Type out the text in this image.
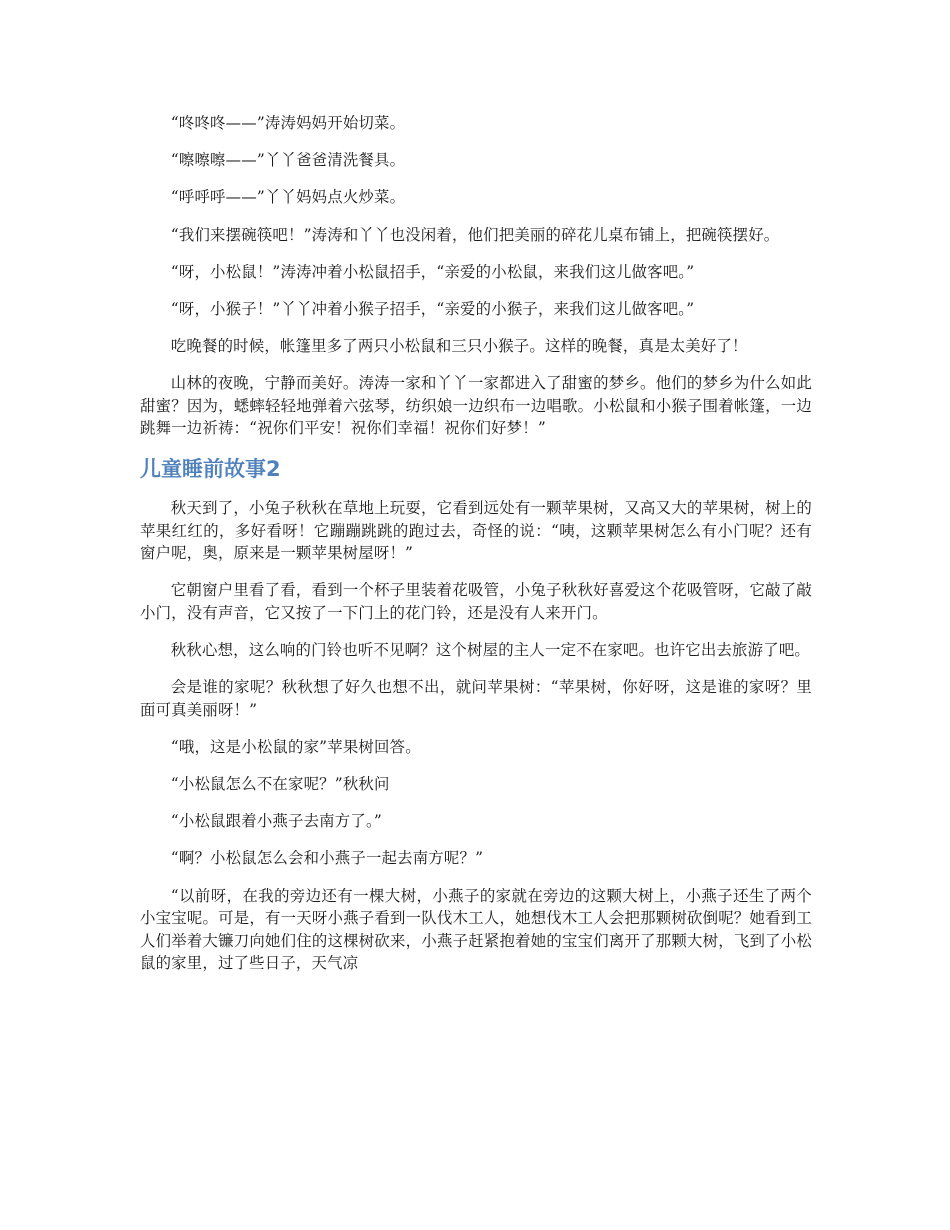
“咚咚咚——”涛涛妈妈开始切菜。

“嚓嚓嚓——”丫丫爸爸清洗餐具。

“呼呼呼——”丫丫妈妈点火炒菜。

“我们来摆碗筷吧！”涛涛和丫丫也没闲着，他们把美丽的碎花儿桌布铺上，把碗筷摆好。

“呀，小松鼠！”涛涛冲着小松鼠招手，“亲爱的小松鼠，来我们这儿做客吧。”

“呀，小猴子！”丫丫冲着小猴子招手，“亲爱的小猴子，来我们这儿做客吧。”

吃晚餐的时候，帐篷里多了两只小松鼠和三只小猴子。这样的晚餐，真是太美好了！

山林的夜晚，宁静而美好。涛涛一家和丫丫一家都进入了甜蜜的梦乡。他们的梦乡为什么如此甜蜜？因为，蟋蟀轻轻地弹着六弦琴，纺织娘一边织布一边唱歌。小松鼠和小猴子围着帐篷，一边跳舞一边祈祷：“祝你们平安！祝你们幸福！祝你们好梦！”

儿童睡前故事2

秋天到了，小兔子秋秋在草地上玩耍，它看到远处有一颗苹果树，又高又大的苹果树，树上的苹果红红的，多好看呀！它蹦蹦跳跳的跑过去，奇怪的说：“咦，这颗苹果树怎么有小门呢？还有窗户呢，奥，原来是一颗苹果树屋呀！”

它朝窗户里看了看，看到一个杯子里装着花吸管，小兔子秋秋好喜爱这个花吸管呀，它敲了敲小门，没有声音，它又按了一下门上的花门铃，还是没有人来开门。

秋秋心想，这么响的门铃也听不见啊？这个树屋的主人一定不在家吧。也许它出去旅游了吧。

会是谁的家呢？秋秋想了好久也想不出，就问苹果树：“苹果树，你好呀，这是谁的家呀？里面可真美丽呀！”

“哦，这是小松鼠的家”苹果树回答。

“小松鼠怎么不在家呢？”秋秋问

“小松鼠跟着小燕子去南方了。”

“啊？小松鼠怎么会和小燕子一起去南方呢？”

“以前呀，在我的旁边还有一棵大树，小燕子的家就在旁边的这颗大树上，小燕子还生了两个小宝宝呢。可是，有一天呀小燕子看到一队伐木工人，她想伐木工人会把那颗树砍倒呢？她看到工人们举着大镰刀向她们住的这棵树砍来，小燕子赶紧抱着她的宝宝们离开了那颗大树，飞到了小松鼠的家里，过了些日子，天气凉
